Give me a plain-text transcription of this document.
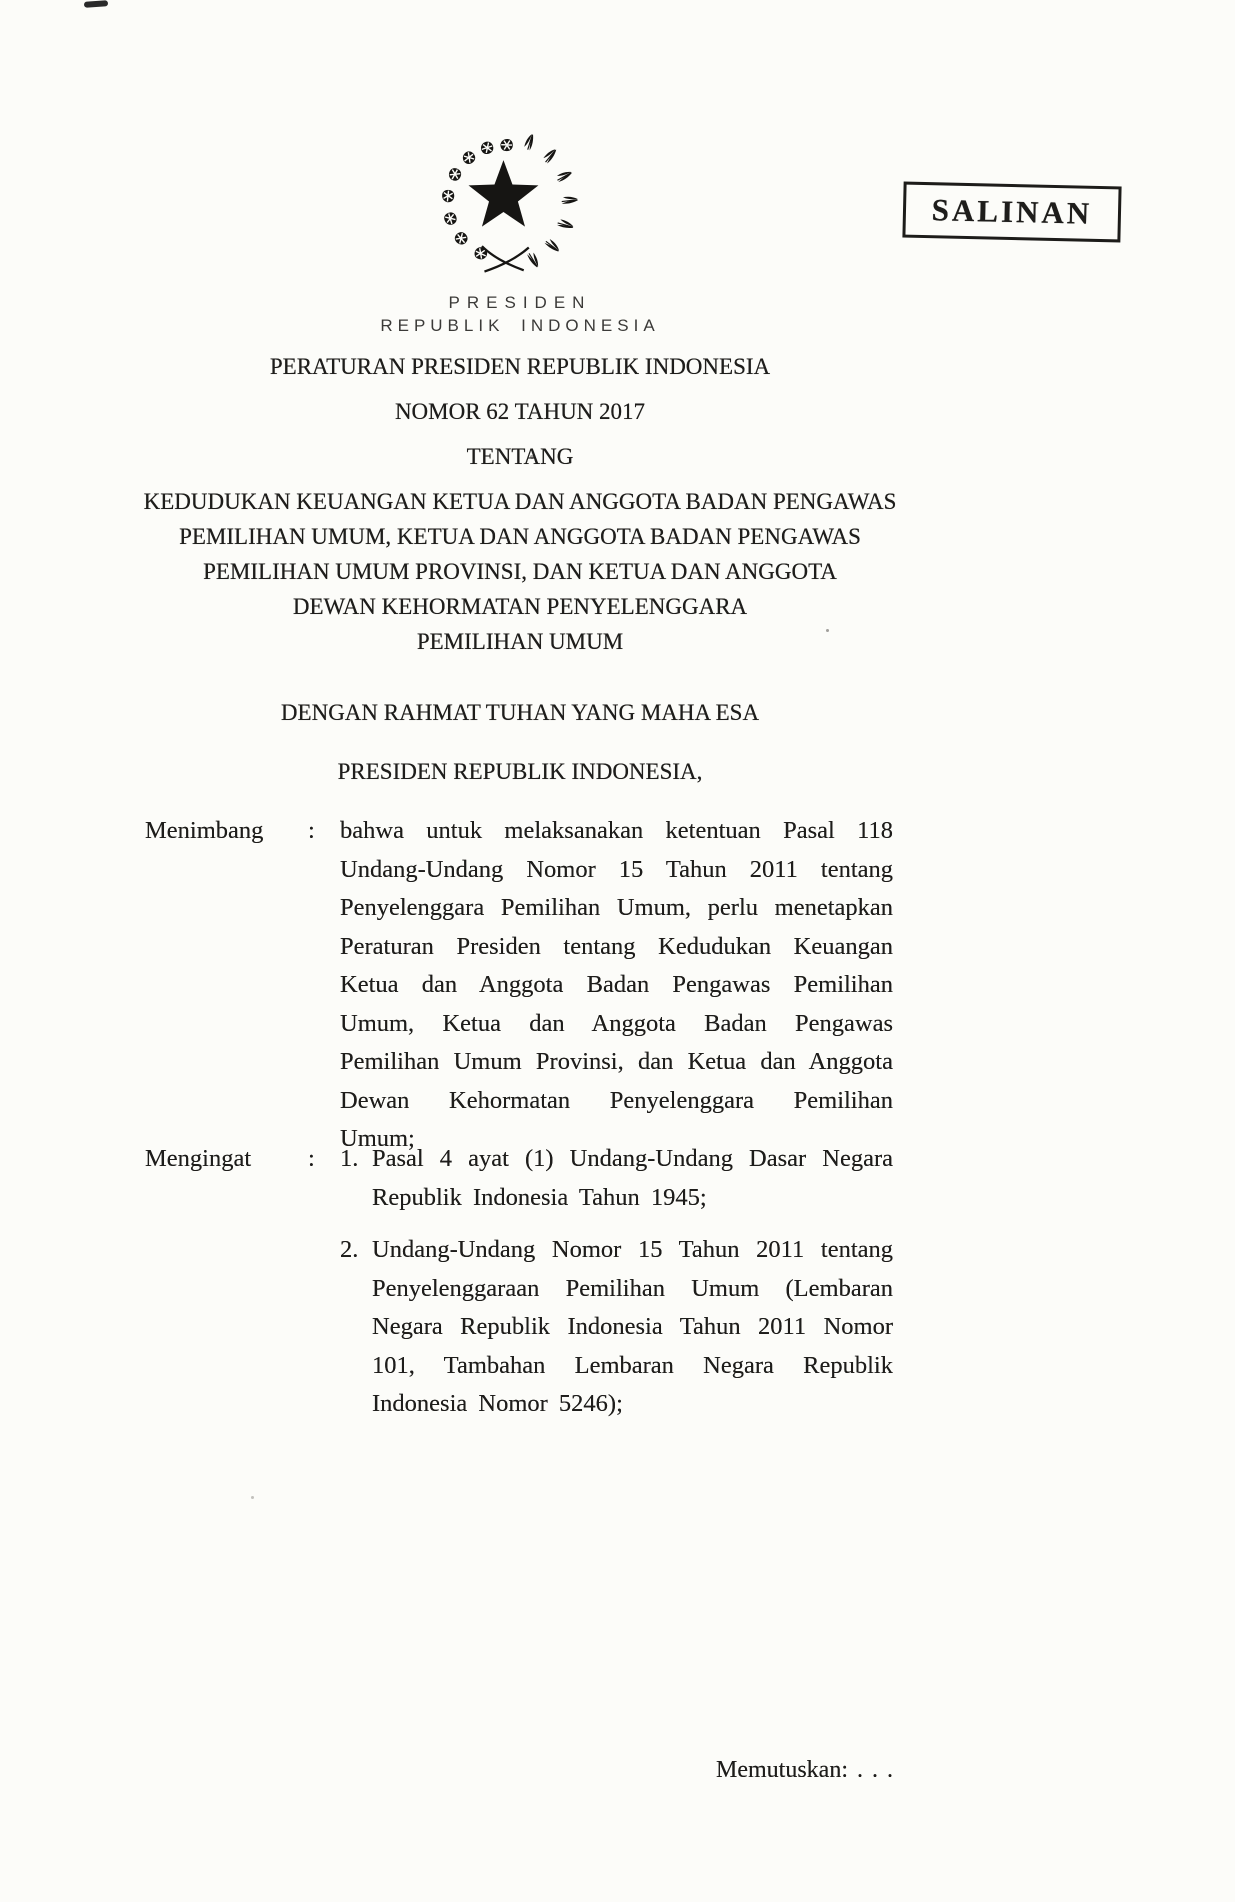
SALINAN
PRESIDEN
REPUBLIK INDONESIA
PERATURAN PRESIDEN REPUBLIK INDONESIA
NOMOR 62 TAHUN 2017
TENTANG
KEDUDUKAN KEUANGAN KETUA DAN ANGGOTA BADAN PENGAWAS
PEMILIHAN UMUM, KETUA DAN ANGGOTA BADAN PENGAWAS
PEMILIHAN UMUM PROVINSI, DAN KETUA DAN ANGGOTA
DEWAN KEHORMATAN PENYELENGGARA
PEMILIHAN UMUM
DENGAN RAHMAT TUHAN YANG MAHA ESA
PRESIDEN REPUBLIK INDONESIA,
Menimbang	:	bahwa untuk melaksanakan ketentuan Pasal 118 Undang-Undang Nomor 15 Tahun 2011 tentang Penyelenggara Pemilihan Umum, perlu menetapkan Peraturan Presiden tentang Kedudukan Keuangan Ketua dan Anggota Badan Pengawas Pemilihan Umum, Ketua dan Anggota Badan Pengawas Pemilihan Umum Provinsi, dan Ketua dan Anggota Dewan Kehormatan Penyelenggara Pemilihan Umum;
Mengingat	:	1. Pasal 4 ayat (1) Undang-Undang Dasar Negara Republik Indonesia Tahun 1945;
2. Undang-Undang Nomor 15 Tahun 2011 tentang Penyelenggaraan Pemilihan Umum (Lembaran Negara Republik Indonesia Tahun 2011 Nomor 101, Tambahan Lembaran Negara Republik Indonesia Nomor 5246);
Memutuskan: . . .
